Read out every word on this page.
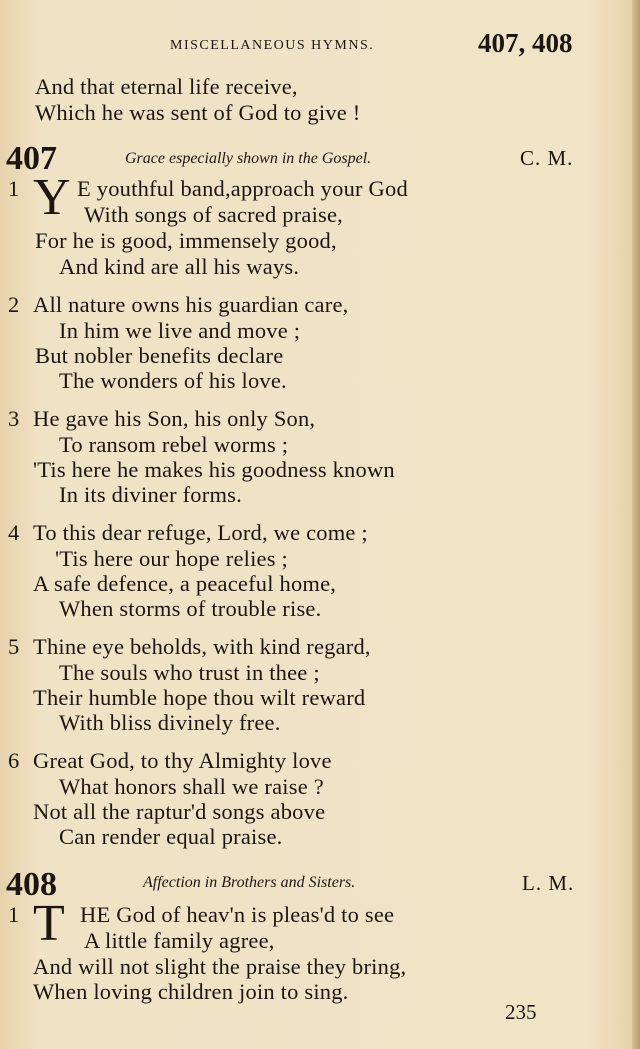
MISCELLANEOUS HYMNS.	407, 408
And that eternal life receive,
Which he was sent of God to give !
407	Grace especially shown in the Gospel.	C. M.
1 Y E youthful band,approach your God
With songs of sacred praise,
For he is good, immensely good,
And kind are all his ways.
2 All nature owns his guardian care,
In him we live and move ;
But nobler benefits declare
The wonders of his love.
3 He gave his Son, his only Son,
To ransom rebel worms ;
'Tis here he makes his goodness known
In its diviner forms.
4 To this dear refuge, Lord, we come ;
'Tis here our hope relies ;
A safe defence, a peaceful home,
When storms of trouble rise.
5 Thine eye beholds, with kind regard,
The souls who trust in thee ;
Their humble hope thou wilt reward
With bliss divinely free.
6 Great God, to thy Almighty love
What honors shall we raise ?
Not all the raptur'd songs above
Can render equal praise.
408	Affection in Brothers and Sisters.	L. M.
1 T HE God of heav'n is pleas'd to see
A little family agree,
And will not slight the praise they bring,
When loving children join to sing.
235
